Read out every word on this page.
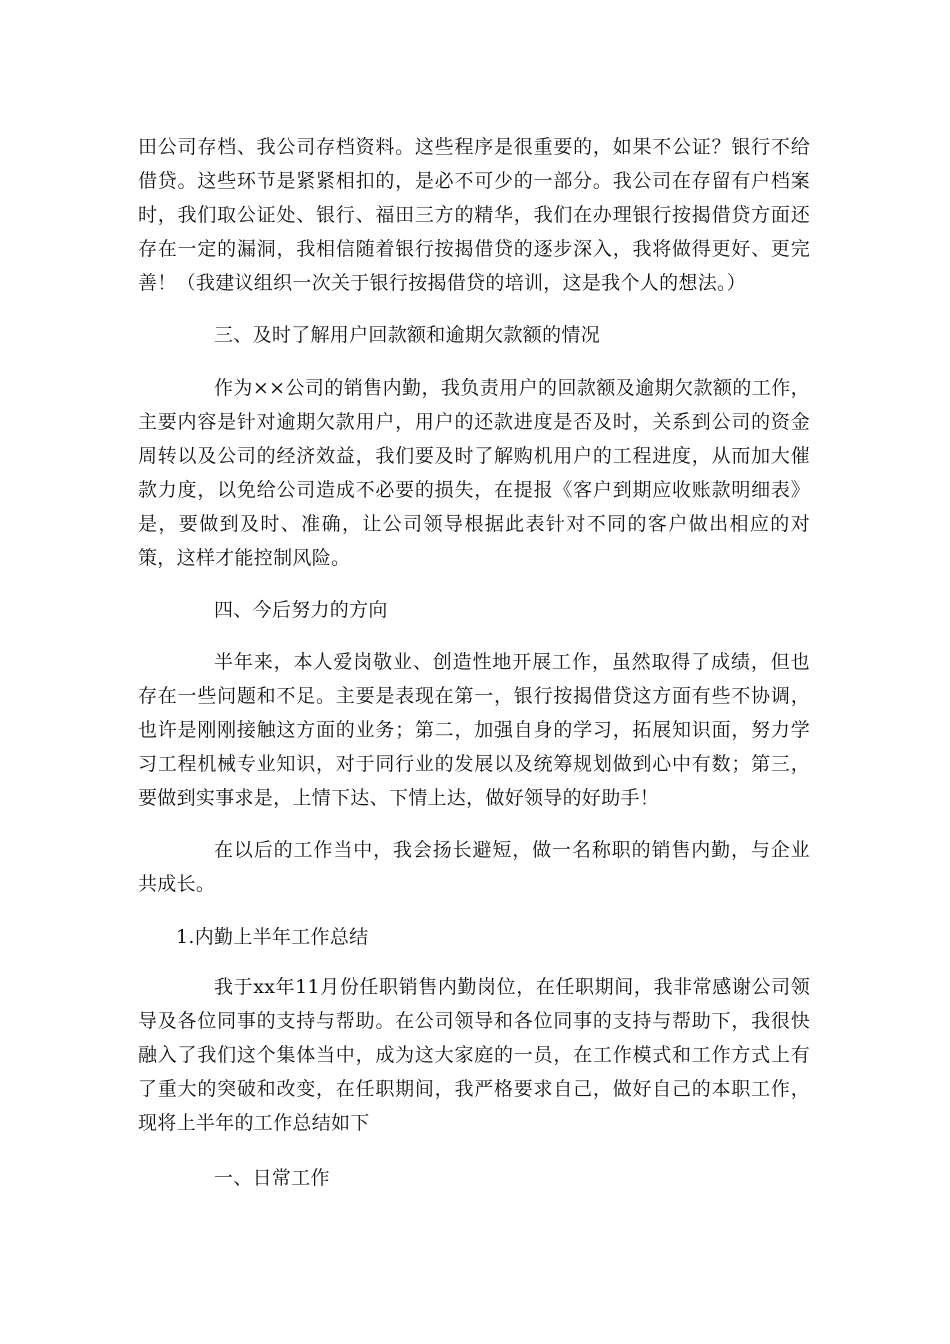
田公司存档、我公司存档资料。这些程序是很重要的，如果不公证？银行不给借贷。这些环节是紧紧相扣的，是必不可少的一部分。我公司在存留有户档案时，我们取公证处、银行、福田三方的精华，我们在办理银行按揭借贷方面还存在一定的漏洞，我相信随着银行按揭借贷的逐步深入，我将做得更好、更完善！（我建议组织一次关于银行按揭借贷的培训，这是我个人的想法。）

三、及时了解用户回款额和逾期欠款额的情况

作为××公司的销售内勤，我负责用户的回款额及逾期欠款额的工作，主要内容是针对逾期欠款用户，用户的还款进度是否及时，关系到公司的资金周转以及公司的经济效益，我们要及时了解购机用户的工程进度，从而加大催款力度，以免给公司造成不必要的损失，在提报《客户到期应收账款明细表》是，要做到及时、准确，让公司领导根据此表针对不同的客户做出相应的对策，这样才能控制风险。

四、今后努力的方向

半年来，本人爱岗敬业、创造性地开展工作，虽然取得了成绩，但也存在一些问题和不足。主要是表现在第一，银行按揭借贷这方面有些不协调，也许是刚刚接触这方面的业务；第二，加强自身的学习，拓展知识面，努力学习工程机械专业知识，对于同行业的发展以及统筹规划做到心中有数；第三，要做到实事求是，上情下达、下情上达，做好领导的好助手！

在以后的工作当中，我会扬长避短，做一名称职的销售内勤，与企业共成长。

1.内勤上半年工作总结

我于xx年11月份任职销售内勤岗位，在任职期间，我非常感谢公司领导及各位同事的支持与帮助。在公司领导和各位同事的支持与帮助下，我很快融入了我们这个集体当中，成为这大家庭的一员，在工作模式和工作方式上有了重大的突破和改变，在任职期间，我严格要求自己，做好自己的本职工作，现将上半年的工作总结如下

一、日常工作
